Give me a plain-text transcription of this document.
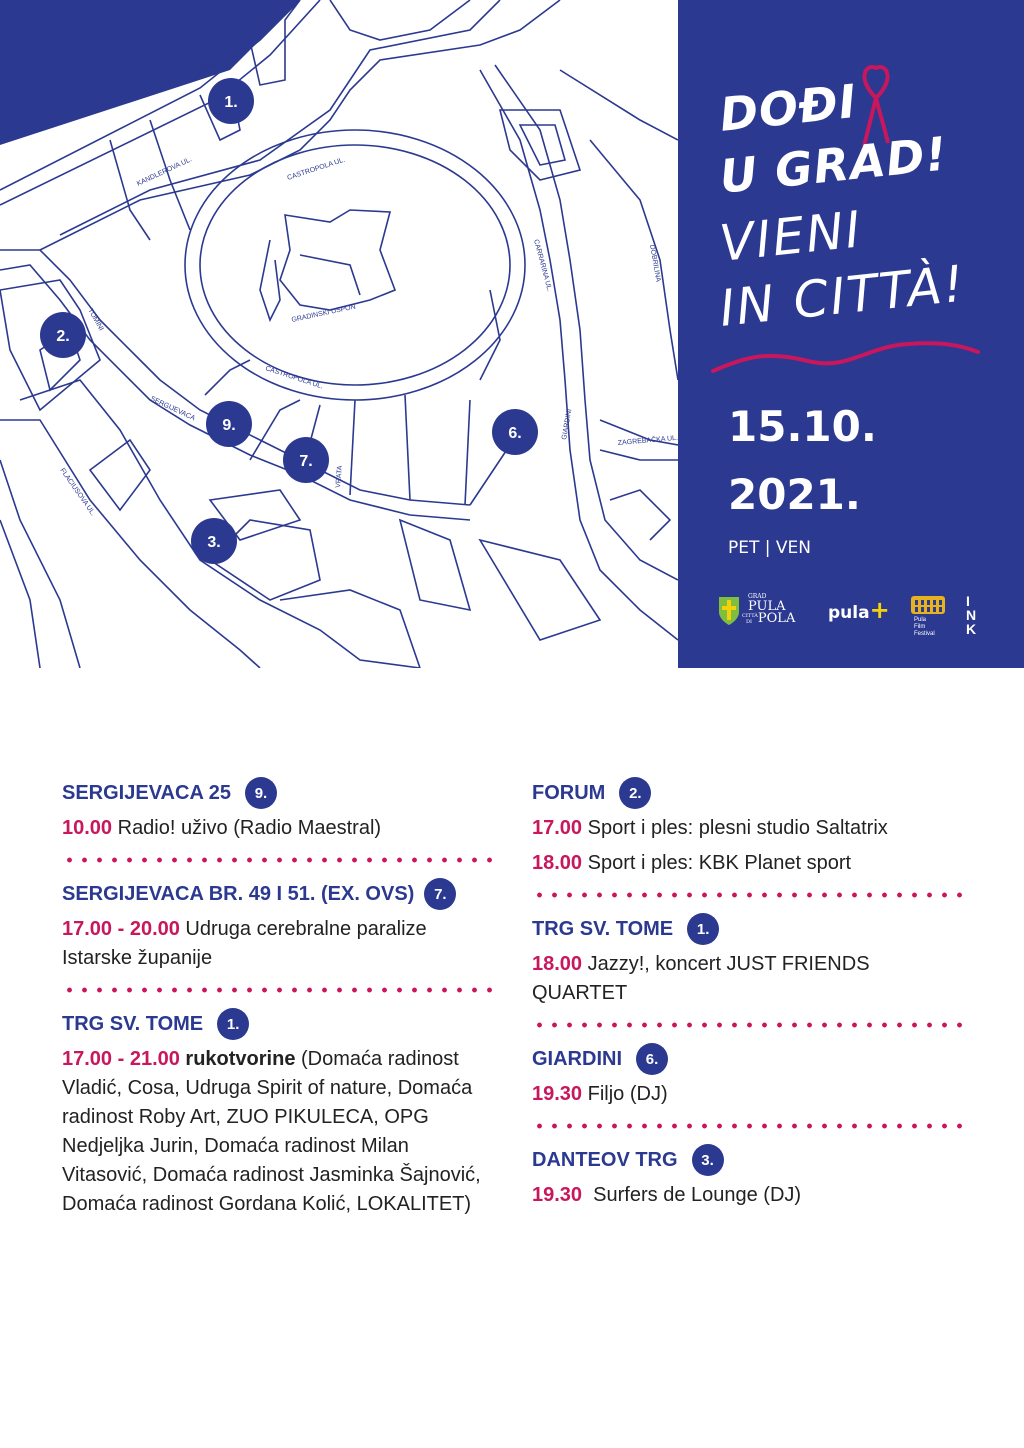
RIVA
CASTROPOLA UL.
CASTROPOLA UL.
GRADINSKI USPON
CARRARINA UL.
GIARDINI
ZAGREBAČKA UL.
DOBRILINA
FLACIUSOVA UL.
TOMINI
KANDLEROVA UL.
SERGIJEVACA
VRATA
1.
2.
9.
7.
6.
3.
DOĐI
U GRAD!
VIENI
IN CITTÀ!
15.10.
2021.
PET | VEN
GRAD
PULA
CITTÀ
DI POLA pula+	Pula
Film
Festival
INK
SERGIJEVACA 25	9.
10.00 Radio! uživo (Radio Maestral)
SERGIJEVACA BR. 49 I 51. (EX. OVS)	7.
17.00 - 20.00 Udruga cerebralne paralize Istarske županije
TRG SV. TOME	1.
17.00 - 21.00 rukotvorine (Domaća radinost Vladić, Cosa, Udruga Spirit of nature, Domaća radinost Roby Art, ZUO PIKULECA, OPG Nedjeljka Jurin, Domaća radinost Milan Vitasović, Domaća radinost Jasminka Šajnović, Domaća radinost Gordana Kolić, LOKALITET)
FORUM	2.
17.00 Sport i ples: plesni studio Saltatrix
18.00 Sport i ples: KBK Planet sport
TRG SV. TOME	1.
18.00 Jazzy!, koncert JUST FRIENDS QUARTET
GIARDINI	6.
19.30 Filjo (DJ)
DANTEOV TRG	3.
19.30  Surfers de Lounge (DJ)
